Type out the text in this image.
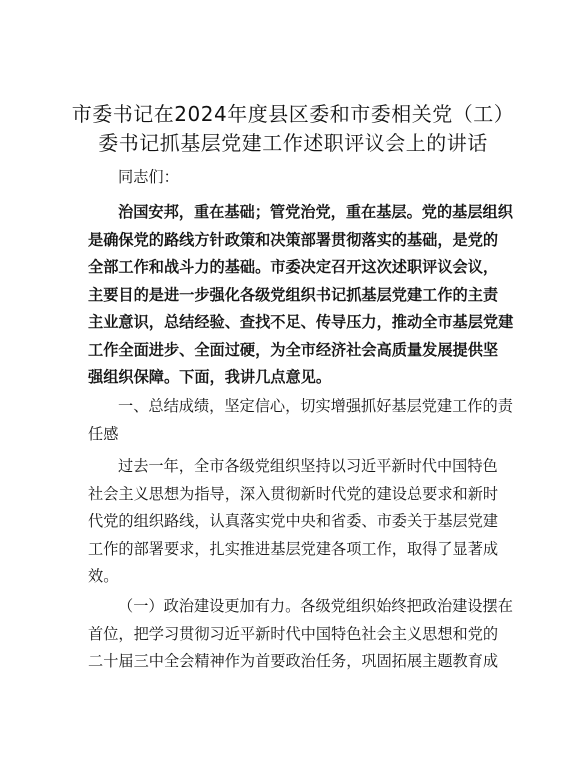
市委书记在2024年度县区委和市委相关党（工）
委书记抓基层党建工作述职评议会上的讲话
同志们：
治国安邦，重在基础；管党治党，重在基层。党的基层组织
是确保党的路线方针政策和决策部署贯彻落实的基础，是党的
全部工作和战斗力的基础。市委决定召开这次述职评议会议，
主要目的是进一步强化各级党组织书记抓基层党建工作的主责
主业意识，总结经验、查找不足、传导压力，推动全市基层党建
工作全面进步、全面过硬，为全市经济社会高质量发展提供坚
强组织保障。下面，我讲几点意见。
一、总结成绩，坚定信心，切实增强抓好基层党建工作的责
任感
过去一年，全市各级党组织坚持以习近平新时代中国特色
社会主义思想为指导，深入贯彻新时代党的建设总要求和新时
代党的组织路线，认真落实党中央和省委、市委关于基层党建
工作的部署要求，扎实推进基层党建各项工作，取得了显著成
效。
（一）政治建设更加有力。各级党组织始终把政治建设摆在
首位，把学习贯彻习近平新时代中国特色社会主义思想和党的
二十届三中全会精神作为首要政治任务，巩固拓展主题教育成
